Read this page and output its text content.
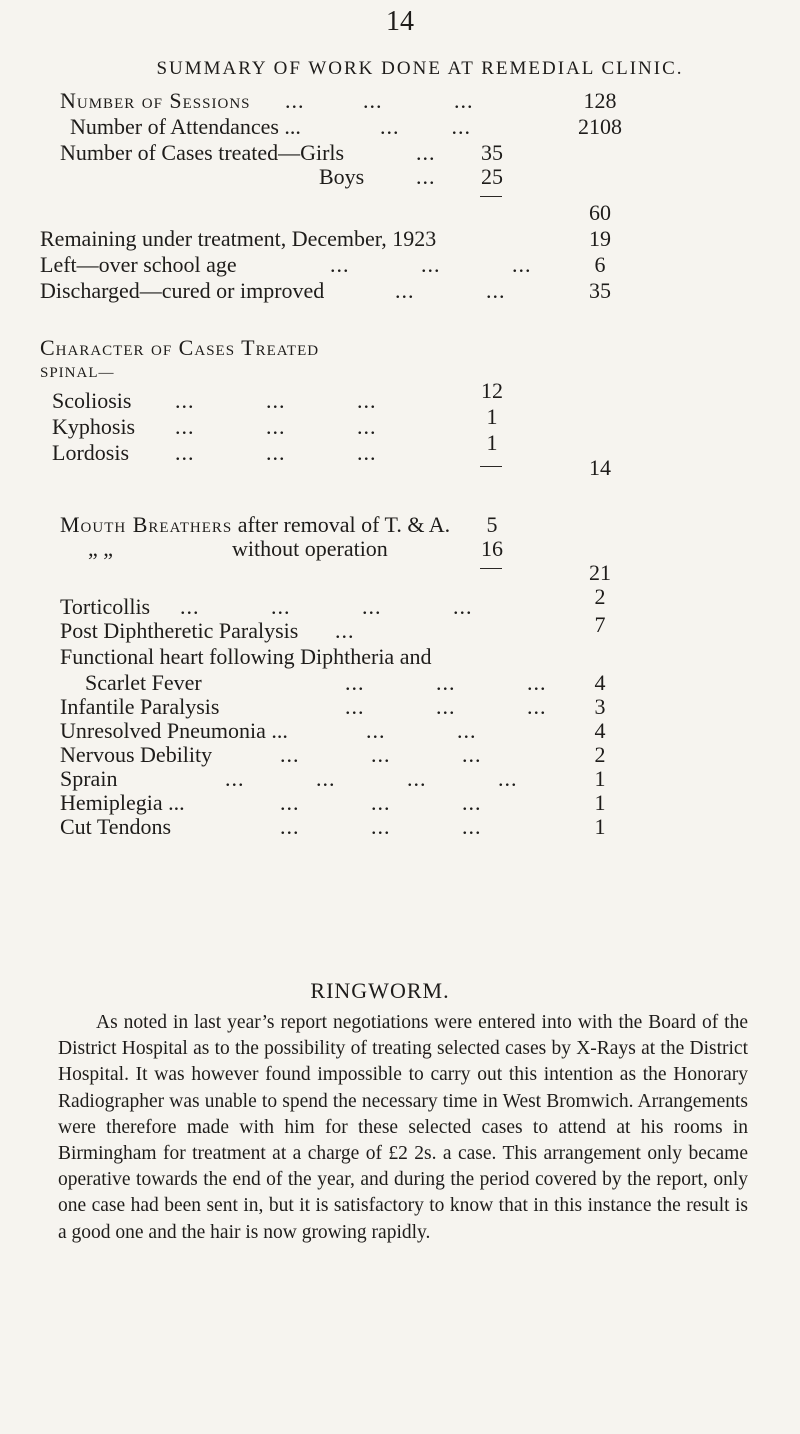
14
SUMMARY OF WORK DONE AT REMEDIAL CLINIC.
Number of Sessions ...         ...           ...	128
Number of Attendances ...	...        ...	2108
Number of Cases treated—Girls	...	35
Boys ...	25
60
Remaining under treatment, December, 1923	19
Left—over school age	...           ...           ...	6
Discharged—cured or improved	...           ...	35
Character of Cases Treated
SPINAL—
Scoliosis ...           ...           ...	12
Kyphosis ...           ...           ...	1
Lordosis ...           ...           ...	1
14
Mouth Breathers after removal of T. & A.	5
„ „	without operation	16
21
Torticollis ...           ...           ...           ...	2
Post Diphtheretic Paralysis ...	7
Functional heart following Diphtheria and
Scarlet Fever	...           ...           ...	4
Infantile Paralysis	...           ...           ...	3
Unresolved Pneumonia ...	...           ...	4
Nervous Debility	...           ...           ...	2
Sprain	...           ...           ...           ...	1
Hemiplegia ...	...           ...           ...	1
Cut Tendons	...           ...           ...	1
RINGWORM.
As noted in last year’s report negotiations were entered into with the Board of the District Hospital as to the possibility of treating selected cases by X-Rays at the District Hospital. It was however found impossible to carry out this intention as the Honorary Radiographer was unable to spend the necessary time in West Bromwich. Arrangements were therefore made with him for these selected cases to attend at his rooms in Birmingham for treatment at a charge of £2 2s. a case. This arrangement only became operative towards the end of the year, and during the period covered by the report, only one case had been sent in, but it is satisfactory to know that in this instance the result is a good one and the hair is now growing rapidly.
